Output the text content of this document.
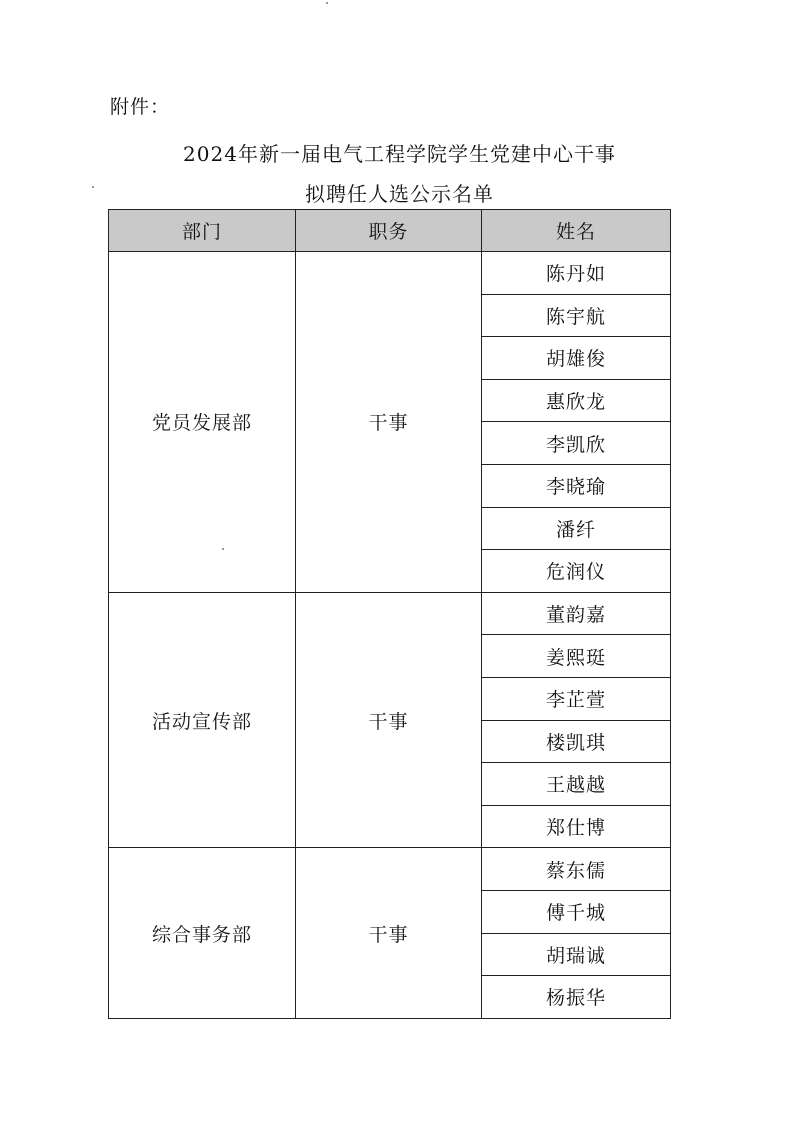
附件：
2024年新一届电气工程学院学生党建中心干事
拟聘任人选公示名单
部门	职务	姓名
党员发展部	干事	陈丹如
		陈宇航
		胡雄俊
		惠欣龙
		李凯欣
		李晓瑜
		潘纤
		危润仪
活动宣传部	干事	董韵嘉
		姜熙珽
		李芷萱
		楼凯琪
		王越越
		郑仕博
综合事务部	干事	蔡东儒
		傅千城
		胡瑞诚
		杨振华
